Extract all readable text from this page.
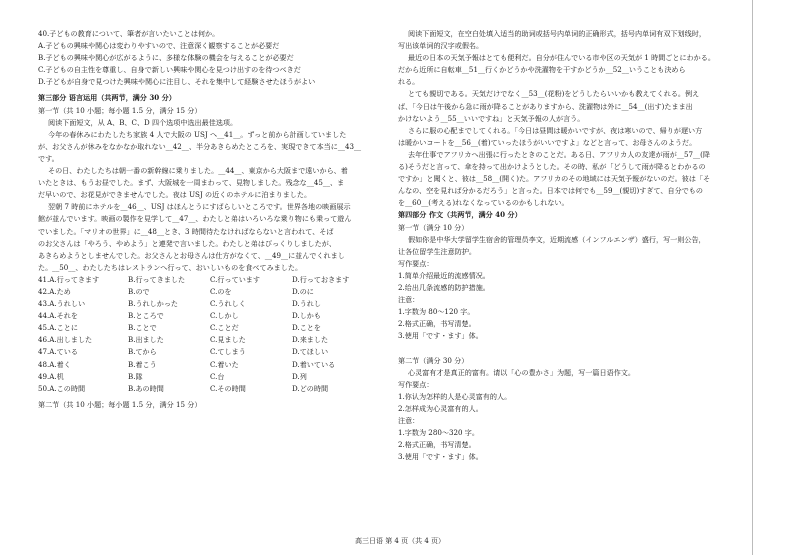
40.子どもの教育について、筆者が言いたいことは何か。
A.子どもの興味や関心は変わりやすいので、注意深く観察することが必要だ
B.子どもの興味や関心が広がるように、多様な体験の機会を与えることが必要だ
C.子どもの自主性を尊重し、自身で新しい興味や関心を見つけ出すのを待つべきだ
D.子どもが自身で見つけた興味や関心に注目し、それを集中して経験させたほうがよい
第三部分 语言运用（共两节，满分 30 分）
第一节（共 10 小题；每小题 1.5 分，满分 15 分）
阅读下面短文，从 A、B、C、D 四个选项中选出最佳选项。
今年の春休みにわたしたち家族 4 人で大阪の USJ へ__41__。ずっと前から計画していました
が、お父さんが休みをなかなか取れない__42__、半分あきらめたところを、実現できて本当に__43__
です。
その日、わたしたちは朝一番の新幹線に乗りました。__44__、東京から大阪まで遠いから、着
いたときは、もうお昼でした。まず、大阪城を一周まわって、見物しました。残念な__45__、ま
だ早いので、お花見ができませんでした。夜は USJ の近くのホテルに泊まりました。
翌朝 7 時前にホテルを__46__、USJ はほんとうにすばらしいところです。世界各地の映画展示
館が並んでいます。映画の製作を見学して__47__、わたしと弟はいろいろな乗り物にも乗って遊ん
でいました。「マリオの世界」に__48__とき、3 時間待たなければならないと言われて、そば
のお父さんは「やろう、やめよう」と連発で言いました。わたしと弟はびっくりしましたが、
あきらめようとしませんでした。お父さんとお母さんは仕方がなくて、__49__に並んでくれまし
た。__50__、わたしたちはレストランへ行って、おいしいものを食べてみました。
41.A.行ってきます	B.行ってきました	C.行っています	D.行っておきます
42.A.ため	B.ので	C.のを	D.のに
43.A.うれしい	B.うれしかった	C.うれしく	D.うれし
44.A.それを	B.ところで	C.しかし	D.しかも
45.A.ことに	B.ことで	C.ことだ	D.ことを
46.A.出しました	B.出ました	C.見ました	D.来ました
47.A.ている	B.てから	C.てしまう	D.てほしい
48.A.着く	B.着こう	C.着いた	D.着いている
49.A.机	B.隊	C.台	D.列
50.A.この時間	B.あの時間	C.その時間	D.どの時間
第二节（共 10 小题；每小题 1.5 分，满分 15 分）
阅读下面短文，在空白处填入适当的助词或括号内单词的正确形式，括号内单词有双下划线时，
写出该单词的汉字或假名。
最近の日本の天気予報はとても便利だ。自分が住んでいる市や区の天気が 1 時間ごとにわかる。
だから近所に自転車__51__行くかどうかや洗濯物を干すかどうか__52__いうことも決めら
れる。
とても親切である。天気だけでなく__53__(花粉)をどうしたらいいかも教えてくれる。例え
ば、「今日は午後から急に雨が降ることがありますから、洗濯物は外に__54__(出す)たまま出
かけないよう__55__いいですね」と天気予報の人が言う。
さらに服の心配までしてくれる。「今日は昼間は暖かいですが、夜は寒いので、帰りが遅い方
は暖かいコートを__56__(着)ていったほうがいいですよ」などと言って、お母さんのようだ。
去年仕事でアフリカへ出張に行ったときのことだ。ある日、アフリカ人の友達が雨が__57__(降
る)そうだと言って、傘を持って出かけようとした。その時、私が「どうして雨が降るとわかるの
ですか」と聞くと、彼は__58__(開く)た。アフリカのその地域には天気予報がないのだ。彼は「そ
んなの、空を見れば分かるだろう」と言った。日本では何でも__59__(親切)すぎて、自分でもの
を__60__(考える)れなくなっているのかもしれない。
第四部分 作文（共两节，满分 40 分）
第一节（满分 10 分）
假如你是中华大学留学生宿舍的管理员李文，近期流感（インフルエンザ）盛行，写一则公告，
让各位留学生注意防护。
写作要点：
1.简单介绍最近的流感情况。
2.给出几条流感的防护措施。
注意：
1.字数为 80～120 字。
2.格式正确，书写清楚。
3.使用「です・ます」体。

第二节（满分 30 分）
心灵富有才是真正的富有。请以「心の豊かさ」为题，写一篇日语作文。
写作要点：
1.你认为怎样的人是心灵富有的人。
2.怎样成为心灵富有的人。
注意：
1.字数为 280～320 字。
2.格式正确，书写清楚。
3.使用「です・ます」体。
高三日语 第 4 页（共 4 页）
